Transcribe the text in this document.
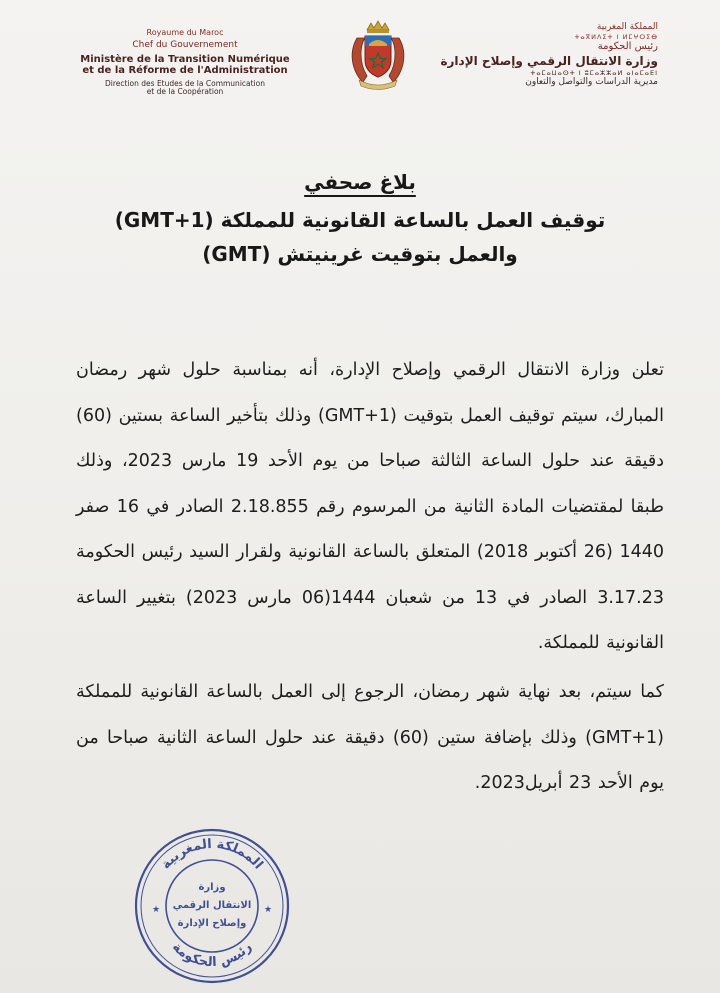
Royaume du Maroc
Chef du Gouvernement
Ministère de la Transition Numérique
et de la Réforme de l'Administration
Direction des Etudes de la Communication
et de la Coopération
المملكة المغربية
ⵜⴰⴳⵍⴷⵉⵜ ⵏ ⵍⵎⵖⵔⵉⴱ
رئيس الحكومة
وزارة الانتقال الرقمي وإصلاح الإدارة
ⵜⴰⵎⴰⵡⴰⵙⵜ ⵏ ⵓⵎⴰⵣⵣⴰⵍ ⴰⵏⴰⵎⴰⴹⵏ
مديرية الدراسات والتواصل والتعاون
بلاغ صحفي
توقيف العمل بالساعة القانونية للمملكة (GMT+1)
والعمل بتوقيت غرينيتش (GMT)

تعلن وزارة الانتقال الرقمي وإصلاح الإدارة، أنه بمناسبة حلول شهر رمضان المبارك، سيتم توقيف العمل بتوقيت (GMT+1) وذلك بتأخير الساعة بستين (60) دقيقة عند حلول الساعة الثالثة صباحا من يوم الأحد 19 مارس 2023، وذلك طبقا لمقتضيات المادة الثانية من المرسوم رقم 2.18.855 الصادر في 16 صفر 1440 (26 أكتوبر 2018) المتعلق بالساعة القانونية ولقرار السيد رئيس الحكومة 3.17.23 الصادر في 13 من شعبان 1444(06 مارس 2023) بتغيير الساعة القانونية للمملكة.

كما سيتم، بعد نهاية شهر رمضان، الرجوع إلى العمل بالساعة القانونية للمملكة (GMT+1) وذلك بإضافة ستين (60) دقيقة عند حلول الساعة الثانية صباحا من يوم الأحد 23 أبريل2023.

المملكة المغربية
رئيس الحكومة
وزارة
الانتقال الرقمي
وإصلاح الإدارة
★	★
